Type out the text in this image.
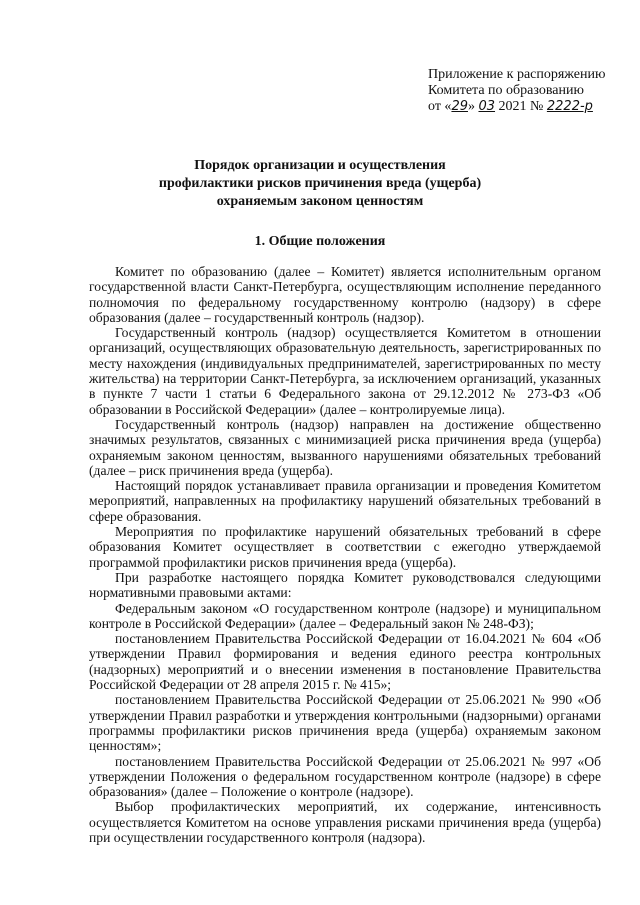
Приложение к распоряжению
Комитета по образованию
от «29» 03 2021 № 2222-р
Порядок организации и осуществления
профилактики рисков причинения вреда (ущерба)
охраняемым законом ценностям
1. Общие положения

Комитет по образованию (далее – Комитет) является исполнительным органом государственной власти Санкт-Петербурга, осуществляющим исполнение переданного полномочия по федеральному государственному контролю (надзору) в сфере образования (далее – государственный контроль (надзор).

Государственный контроль (надзор) осуществляется Комитетом в отношении организаций, осуществляющих образовательную деятельность, зарегистрированных по месту нахождения (индивидуальных предпринимателей, зарегистрированных по месту жительства) на территории Санкт-Петербурга, за исключением организаций, указанных в пункте 7 части 1 статьи 6 Федерального закона от 29.12.2012 № 273-ФЗ «Об образовании в Российской Федерации» (далее – контролируемые лица).

Государственный контроль (надзор) направлен на достижение общественно значимых результатов, связанных с минимизацией риска причинения вреда (ущерба) охраняемым законом ценностям, вызванного нарушениями обязательных требований (далее – риск причинения вреда (ущерба).

Настоящий порядок устанавливает правила организации и проведения Комитетом мероприятий, направленных на профилактику нарушений обязательных требований в сфере образования.

Мероприятия по профилактике нарушений обязательных требований в сфере образования Комитет осуществляет в соответствии с ежегодно утверждаемой программой профилактики рисков причинения вреда (ущерба).

При разработке настоящего порядка Комитет руководствовался следующими нормативными правовыми актами:

Федеральным законом «О государственном контроле (надзоре) и муниципальном контроле в Российской Федерации» (далее – Федеральный закон № 248-ФЗ);

постановлением Правительства Российской Федерации от 16.04.2021 № 604 «Об утверждении Правил формирования и ведения единого реестра контрольных (надзорных) мероприятий и о внесении изменения в постановление Правительства Российской Федерации от 28 апреля 2015 г. № 415»;

постановлением Правительства Российской Федерации от 25.06.2021 № 990 «Об утверждении Правил разработки и утверждения контрольными (надзорными) органами программы профилактики рисков причинения вреда (ущерба) охраняемым законом ценностям»;

постановлением Правительства Российской Федерации от 25.06.2021 № 997 «Об утверждении Положения о федеральном государственном контроле (надзоре) в сфере образования» (далее – Положение о контроле (надзоре).

Выбор профилактических мероприятий, их содержание, интенсивность осуществляется Комитетом на основе управления рисками причинения вреда (ущерба) при осуществлении государственного контроля (надзора).
